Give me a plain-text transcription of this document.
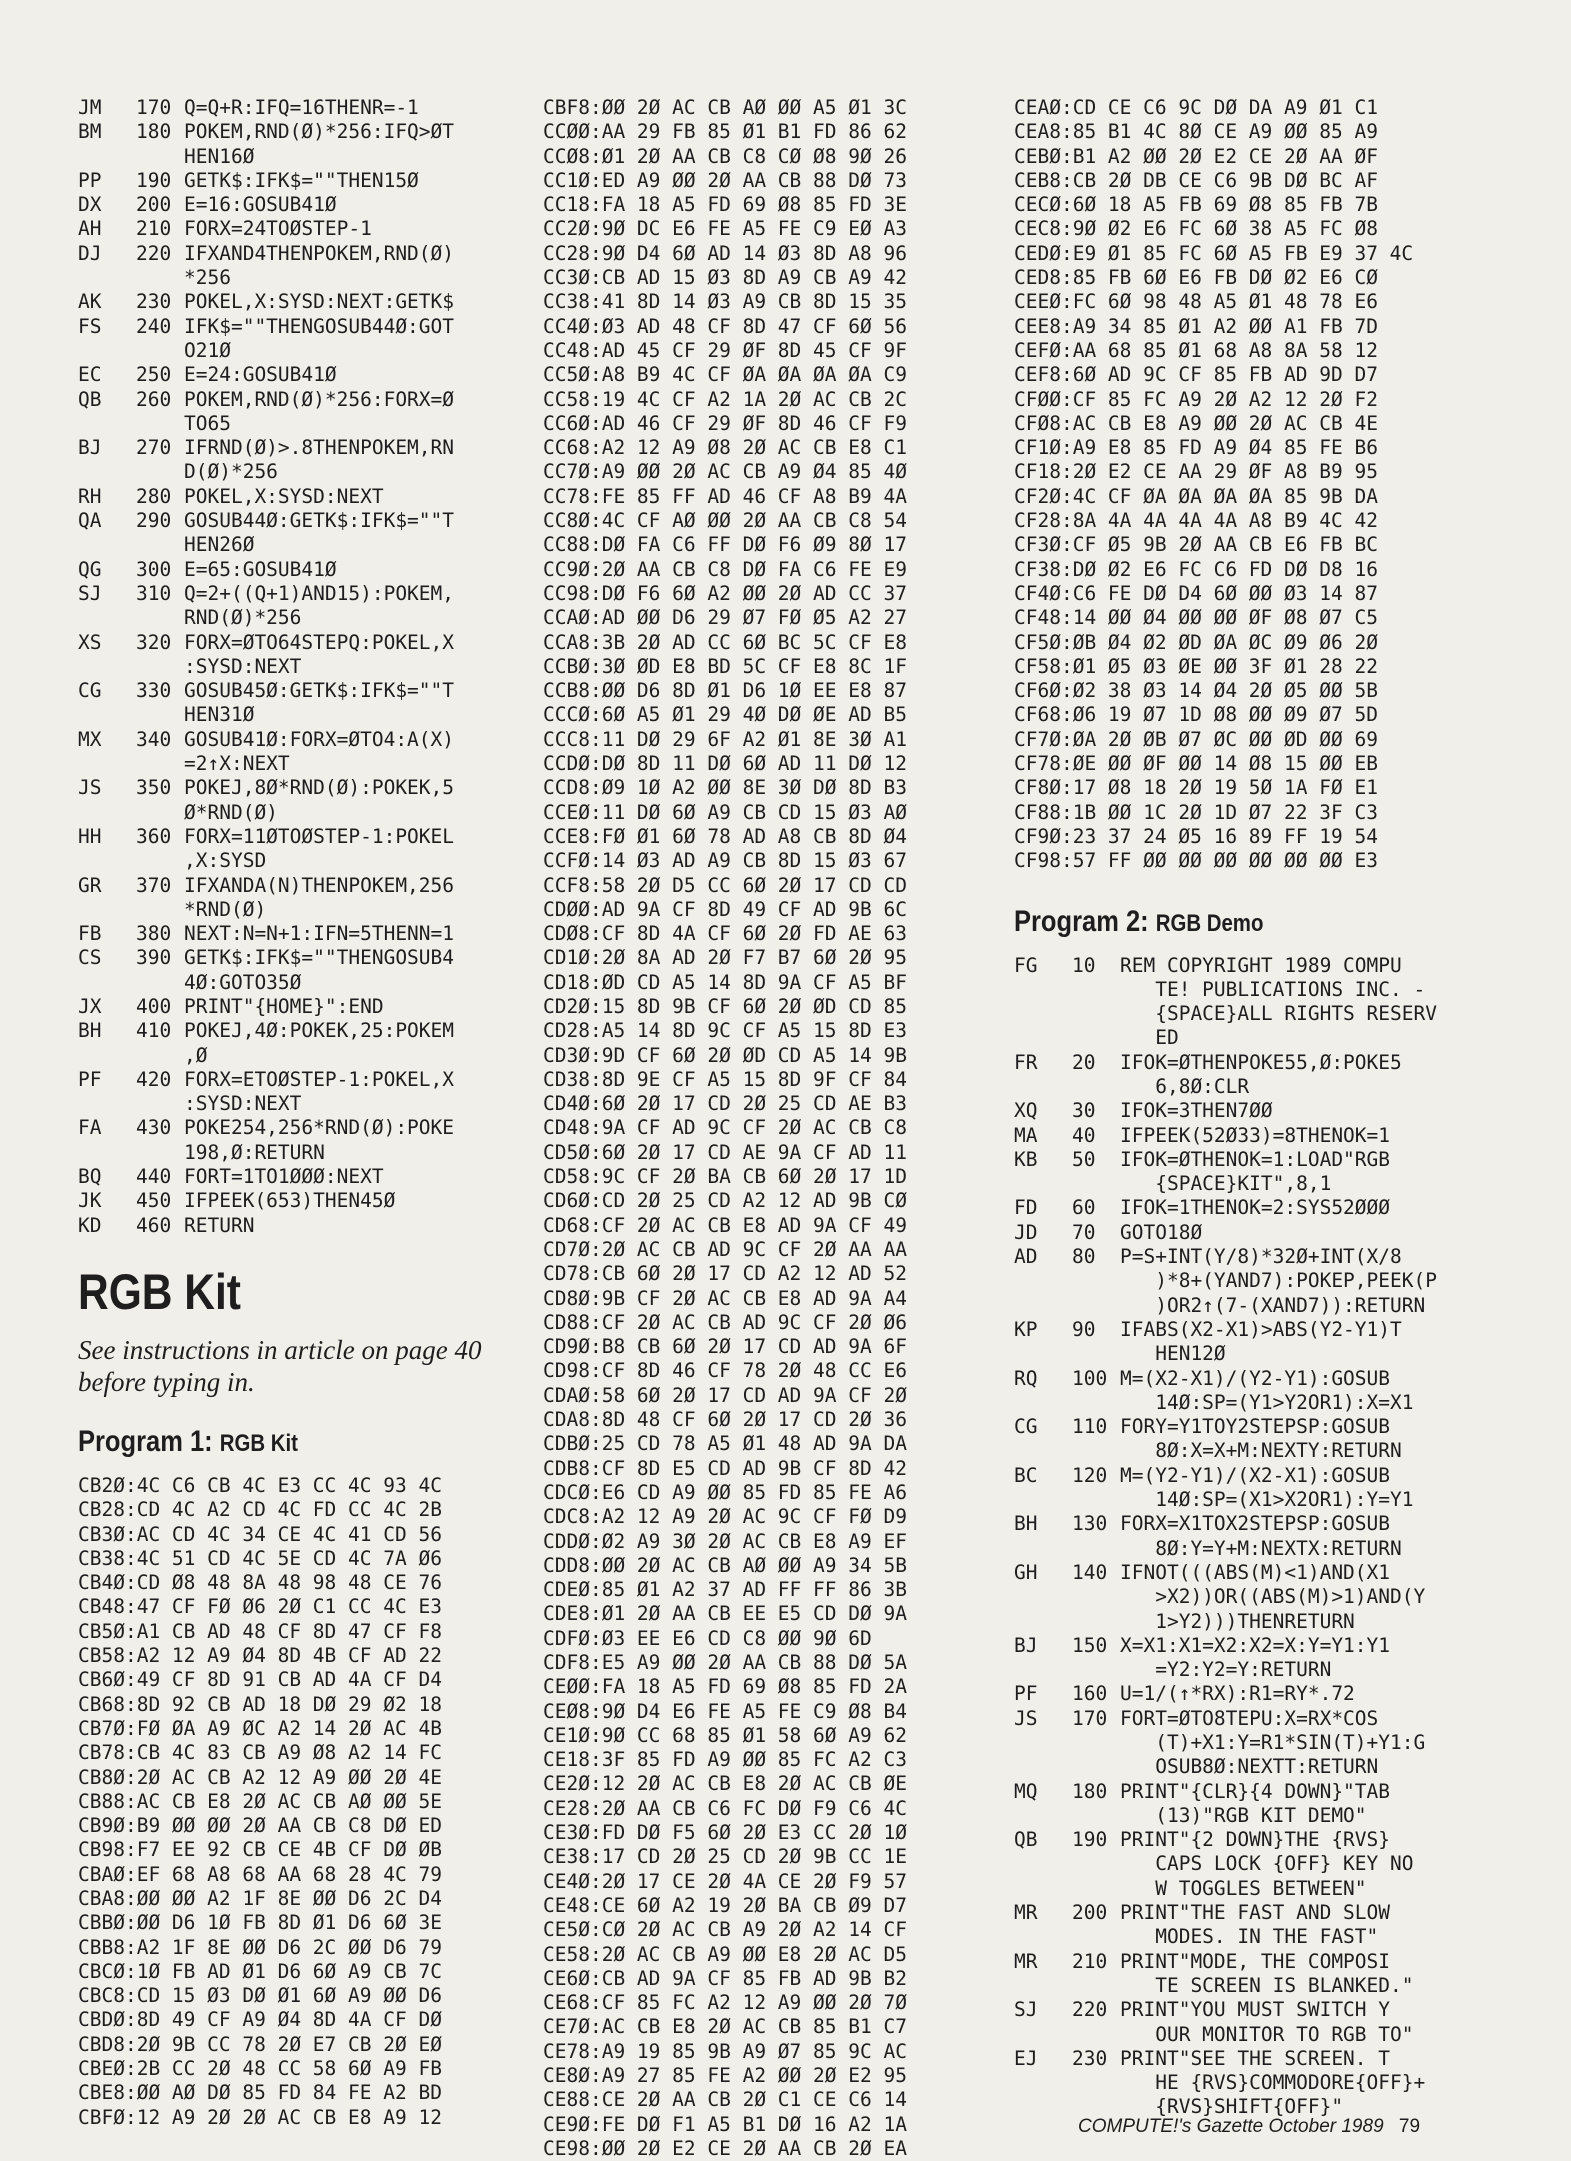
JM	170 Q=Q+R:IFQ=16THENR=-1
BM	180 POKEM,RND(Ø)*256:IFQ>ØT
HEN16Ø
PP	190 GETK$:IFK$=""THEN15Ø
DX	200 E=16:GOSUB41Ø
AH	210 FORX=24TOØSTEP-1
DJ	220 IFXAND4THENPOKEM,RND(Ø)
*256
AK	230 POKEL,X:SYSD:NEXT:GETK$
FS	240 IFK$=""THENGOSUB44Ø:GOT
O21Ø
EC	250 E=24:GOSUB41Ø
QB	260 POKEM,RND(Ø)*256:FORX=Ø
TO65
BJ	270 IFRND(Ø)>.8THENPOKEM,RN
D(Ø)*256
RH	280 POKEL,X:SYSD:NEXT
QA	290 GOSUB44Ø:GETK$:IFK$=""T
HEN26Ø
QG	300 E=65:GOSUB41Ø
SJ	310 Q=2+((Q+1)AND15):POKEM,
RND(Ø)*256
XS	320 FORX=ØTO64STEPQ:POKEL,X
:SYSD:NEXT
CG	330 GOSUB45Ø:GETK$:IFK$=""T
HEN31Ø
MX	340 GOSUB41Ø:FORX=ØTO4:A(X)
=2↑X:NEXT
JS	350 POKEJ,8Ø*RND(Ø):POKEK,5
Ø*RND(Ø)
HH	360 FORX=11ØTOØSTEP-1:POKEL
,X:SYSD
GR	370 IFXANDA(N)THENPOKEM,256
*RND(Ø)
FB	380 NEXT:N=N+1:IFN=5THENN=1
CS	390 GETK$:IFK$=""THENGOSUB4
4Ø:GOTO35Ø
JX	400 PRINT"{HOME}":END
BH	410 POKEJ,4Ø:POKEK,25:POKEM
,Ø
PF	420 FORX=ETOØSTEP-1:POKEL,X
:SYSD:NEXT
FA	430 POKE254,256*RND(Ø):POKE
198,Ø:RETURN
BQ	440 FORT=1TO1ØØØ:NEXT
JK	450 IFPEEK(653)THEN45Ø
KD	460 RETURN
RGB Kit
See instructions in article on page 40 before typing in.
Program 1: RGB Kit
CB2Ø:4C C6 CB 4C E3 CC 4C 93 4C
CB28:CD 4C A2 CD 4C FD CC 4C 2B
CB3Ø:AC CD 4C 34 CE 4C 41 CD 56
CB38:4C 51 CD 4C 5E CD 4C 7A Ø6
CB4Ø:CD Ø8 48 8A 48 98 48 CE 76
CB48:47 CF FØ Ø6 2Ø C1 CC 4C E3
CB5Ø:A1 CB AD 48 CF 8D 47 CF F8
CB58:A2 12 A9 Ø4 8D 4B CF AD 22
CB6Ø:49 CF 8D 91 CB AD 4A CF D4
CB68:8D 92 CB AD 18 DØ 29 Ø2 18
CB7Ø:FØ ØA A9 ØC A2 14 2Ø AC 4B
CB78:CB 4C 83 CB A9 Ø8 A2 14 FC
CB8Ø:2Ø AC CB A2 12 A9 ØØ 2Ø 4E
CB88:AC CB E8 2Ø AC CB AØ ØØ 5E
CB9Ø:B9 ØØ ØØ 2Ø AA CB C8 DØ ED
CB98:F7 EE 92 CB CE 4B CF DØ ØB
CBAØ:EF 68 A8 68 AA 68 28 4C 79
CBA8:ØØ ØØ A2 1F 8E ØØ D6 2C D4
CBBØ:ØØ D6 1Ø FB 8D Ø1 D6 6Ø 3E
CBB8:A2 1F 8E ØØ D6 2C ØØ D6 79
CBCØ:1Ø FB AD Ø1 D6 6Ø A9 CB 7C
CBC8:CD 15 Ø3 DØ Ø1 6Ø A9 ØØ D6
CBDØ:8D 49 CF A9 Ø4 8D 4A CF DØ
CBD8:2Ø 9B CC 78 2Ø E7 CB 2Ø EØ
CBEØ:2B CC 2Ø 48 CC 58 6Ø A9 FB
CBE8:ØØ AØ DØ 85 FD 84 FE A2 BD
CBFØ:12 A9 2Ø 2Ø AC CB E8 A9 12
CBF8:ØØ 2Ø AC CB AØ ØØ A5 Ø1 3C
CCØØ:AA 29 FB 85 Ø1 B1 FD 86 62
CCØ8:Ø1 2Ø AA CB C8 CØ Ø8 9Ø 26
CC1Ø:ED A9 ØØ 2Ø AA CB 88 DØ 73
CC18:FA 18 A5 FD 69 Ø8 85 FD 3E
CC2Ø:9Ø DC E6 FE A5 FE C9 EØ A3
CC28:9Ø D4 6Ø AD 14 Ø3 8D A8 96
CC3Ø:CB AD 15 Ø3 8D A9 CB A9 42
CC38:41 8D 14 Ø3 A9 CB 8D 15 35
CC4Ø:Ø3 AD 48 CF 8D 47 CF 6Ø 56
CC48:AD 45 CF 29 ØF 8D 45 CF 9F
CC5Ø:A8 B9 4C CF ØA ØA ØA ØA C9
CC58:19 4C CF A2 1A 2Ø AC CB 2C
CC6Ø:AD 46 CF 29 ØF 8D 46 CF F9
CC68:A2 12 A9 Ø8 2Ø AC CB E8 C1
CC7Ø:A9 ØØ 2Ø AC CB A9 Ø4 85 4Ø
CC78:FE 85 FF AD 46 CF A8 B9 4A
CC8Ø:4C CF AØ ØØ 2Ø AA CB C8 54
CC88:DØ FA C6 FF DØ F6 Ø9 8Ø 17
CC9Ø:2Ø AA CB C8 DØ FA C6 FE E9
CC98:DØ F6 6Ø A2 ØØ 2Ø AD CC 37
CCAØ:AD ØØ D6 29 Ø7 FØ Ø5 A2 27
CCA8:3B 2Ø AD CC 6Ø BC 5C CF E8
CCBØ:3Ø ØD E8 BD 5C CF E8 8C 1F
CCB8:ØØ D6 8D Ø1 D6 1Ø EE E8 87
CCCØ:6Ø A5 Ø1 29 4Ø DØ ØE AD B5
CCC8:11 DØ 29 6F A2 Ø1 8E 3Ø A1
CCDØ:DØ 8D 11 DØ 6Ø AD 11 DØ 12
CCD8:Ø9 1Ø A2 ØØ 8E 3Ø DØ 8D B3
CCEØ:11 DØ 6Ø A9 CB CD 15 Ø3 AØ
CCE8:FØ Ø1 6Ø 78 AD A8 CB 8D Ø4
CCFØ:14 Ø3 AD A9 CB 8D 15 Ø3 67
CCF8:58 2Ø D5 CC 6Ø 2Ø 17 CD CD
CDØØ:AD 9A CF 8D 49 CF AD 9B 6C
CDØ8:CF 8D 4A CF 6Ø 2Ø FD AE 63
CD1Ø:2Ø 8A AD 2Ø F7 B7 6Ø 2Ø 95
CD18:ØD CD A5 14 8D 9A CF A5 BF
CD2Ø:15 8D 9B CF 6Ø 2Ø ØD CD 85
CD28:A5 14 8D 9C CF A5 15 8D E3
CD3Ø:9D CF 6Ø 2Ø ØD CD A5 14 9B
CD38:8D 9E CF A5 15 8D 9F CF 84
CD4Ø:6Ø 2Ø 17 CD 2Ø 25 CD AE B3
CD48:9A CF AD 9C CF 2Ø AC CB C8
CD5Ø:6Ø 2Ø 17 CD AE 9A CF AD 11
CD58:9C CF 2Ø BA CB 6Ø 2Ø 17 1D
CD6Ø:CD 2Ø 25 CD A2 12 AD 9B CØ
CD68:CF 2Ø AC CB E8 AD 9A CF 49
CD7Ø:2Ø AC CB AD 9C CF 2Ø AA AA
CD78:CB 6Ø 2Ø 17 CD A2 12 AD 52
CD8Ø:9B CF 2Ø AC CB E8 AD 9A A4
CD88:CF 2Ø AC CB AD 9C CF 2Ø Ø6
CD9Ø:B8 CB 6Ø 2Ø 17 CD AD 9A 6F
CD98:CF 8D 46 CF 78 2Ø 48 CC E6
CDAØ:58 6Ø 2Ø 17 CD AD 9A CF 2Ø
CDA8:8D 48 CF 6Ø 2Ø 17 CD 2Ø 36
CDBØ:25 CD 78 A5 Ø1 48 AD 9A DA
CDB8:CF 8D E5 CD AD 9B CF 8D 42
CDCØ:E6 CD A9 ØØ 85 FD 85 FE A6
CDC8:A2 12 A9 2Ø AC 9C CF FØ D9
CDDØ:Ø2 A9 3Ø 2Ø AC CB E8 A9 EF
CDD8:ØØ 2Ø AC CB AØ ØØ A9 34 5B
CDEØ:85 Ø1 A2 37 AD FF FF 86 3B
CDE8:Ø1 2Ø AA CB EE E5 CD DØ 9A
CDFØ:Ø3 EE E6 CD C8 ØØ 9Ø 6D
CDF8:E5 A9 ØØ 2Ø AA CB 88 DØ 5A
CEØØ:FA 18 A5 FD 69 Ø8 85 FD 2A
CEØ8:9Ø D4 E6 FE A5 FE C9 Ø8 B4
CE1Ø:9Ø CC 68 85 Ø1 58 6Ø A9 62
CE18:3F 85 FD A9 ØØ 85 FC A2 C3
CE2Ø:12 2Ø AC CB E8 2Ø AC CB ØE
CE28:2Ø AA CB C6 FC DØ F9 C6 4C
CE3Ø:FD DØ F5 6Ø 2Ø E3 CC 2Ø 1Ø
CE38:17 CD 2Ø 25 CD 2Ø 9B CC 1E
CE4Ø:2Ø 17 CE 2Ø 4A CE 2Ø F9 57
CE48:CE 6Ø A2 19 2Ø BA CB Ø9 D7
CE5Ø:CØ 2Ø AC CB A9 2Ø A2 14 CF
CE58:2Ø AC CB A9 ØØ E8 2Ø AC D5
CE6Ø:CB AD 9A CF 85 FB AD 9B B2
CE68:CF 85 FC A2 12 A9 ØØ 2Ø 7Ø
CE7Ø:AC CB E8 2Ø AC CB 85 B1 C7
CE78:A9 19 85 9B A9 Ø7 85 9C AC
CE8Ø:A9 27 85 FE A2 ØØ 2Ø E2 95
CE88:CE 2Ø AA CB 2Ø C1 CE C6 14
CE9Ø:FE DØ F1 A5 B1 DØ 16 A2 1A
CE98:ØØ 2Ø E2 CE 2Ø AA CB 2Ø EA
CEAØ:CD CE C6 9C DØ DA A9 Ø1 C1
CEA8:85 B1 4C 8Ø CE A9 ØØ 85 A9
CEBØ:B1 A2 ØØ 2Ø E2 CE 2Ø AA ØF
CEB8:CB 2Ø DB CE C6 9B DØ BC AF
CECØ:6Ø 18 A5 FB 69 Ø8 85 FB 7B
CEC8:9Ø Ø2 E6 FC 6Ø 38 A5 FC Ø8
CEDØ:E9 Ø1 85 FC 6Ø A5 FB E9 37 4C
CED8:85 FB 6Ø E6 FB DØ Ø2 E6 CØ
CEEØ:FC 6Ø 98 48 A5 Ø1 48 78 E6
CEE8:A9 34 85 Ø1 A2 ØØ A1 FB 7D
CEFØ:AA 68 85 Ø1 68 A8 8A 58 12
CEF8:6Ø AD 9C CF 85 FB AD 9D D7
CFØØ:CF 85 FC A9 2Ø A2 12 2Ø F2
CFØ8:AC CB E8 A9 ØØ 2Ø AC CB 4E
CF1Ø:A9 E8 85 FD A9 Ø4 85 FE B6
CF18:2Ø E2 CE AA 29 ØF A8 B9 95
CF2Ø:4C CF ØA ØA ØA ØA 85 9B DA
CF28:8A 4A 4A 4A 4A A8 B9 4C 42
CF3Ø:CF Ø5 9B 2Ø AA CB E6 FB BC
CF38:DØ Ø2 E6 FC C6 FD DØ D8 16
CF4Ø:C6 FE DØ D4 6Ø ØØ Ø3 14 87
CF48:14 ØØ Ø4 ØØ ØØ ØF Ø8 Ø7 C5
CF5Ø:ØB Ø4 Ø2 ØD ØA ØC Ø9 Ø6 2Ø
CF58:Ø1 Ø5 Ø3 ØE ØØ 3F Ø1 28 22
CF6Ø:Ø2 38 Ø3 14 Ø4 2Ø Ø5 ØØ 5B
CF68:Ø6 19 Ø7 1D Ø8 ØØ Ø9 Ø7 5D
CF7Ø:ØA 2Ø ØB Ø7 ØC ØØ ØD ØØ 69
CF78:ØE ØØ ØF ØØ 14 Ø8 15 ØØ EB
CF8Ø:17 Ø8 18 2Ø 19 5Ø 1A FØ E1
CF88:1B ØØ 1C 2Ø 1D Ø7 22 3F C3
CF9Ø:23 37 24 Ø5 16 89 FF 19 54
CF98:57 FF ØØ ØØ ØØ ØØ ØØ ØØ E3
Program 2: RGB Demo
FG	10	REM COPYRIGHT 1989 COMPU
TE! PUBLICATIONS INC. -
{SPACE}ALL RIGHTS RESERV
ED
FR	20	IFOK=ØTHENPOKE55,Ø:POKE5
6,8Ø:CLR
XQ	30	IFOK=3THEN7ØØ
MA	40	IFPEEK(52Ø33)=8THENOK=1
KB	50	IFOK=ØTHENOK=1:LOAD"RGB
{SPACE}KIT",8,1
FD	60	IFOK=1THENOK=2:SYS52ØØØ
JD	70	GOTO18Ø
AD	80	P=S+INT(Y/8)*32Ø+INT(X/8
)*8+(YAND7):POKEP,PEEK(P
)OR2↑(7-(XAND7)):RETURN
KP	90	IFABS(X2-X1)>ABS(Y2-Y1)T
HEN12Ø
RQ	100 M=(X2-X1)/(Y2-Y1):GOSUB
14Ø:SP=(Y1>Y2OR1):X=X1
CG	110 FORY=Y1TOY2STEPSP:GOSUB
8Ø:X=X+M:NEXTY:RETURN
BC	120 M=(Y2-Y1)/(X2-X1):GOSUB
14Ø:SP=(X1>X2OR1):Y=Y1
BH	130 FORX=X1TOX2STEPSP:GOSUB
8Ø:Y=Y+M:NEXTX:RETURN
GH	140 IFNOT(((ABS(M)<1)AND(X1
>X2))OR((ABS(M)>1)AND(Y
1>Y2)))THENRETURN
BJ	150 X=X1:X1=X2:X2=X:Y=Y1:Y1
=Y2:Y2=Y:RETURN
PF	160 U=1/(↑*RX):R1=RY*.72
JS	170 FORT=ØTO8TEPU:X=RX*COS
(T)+X1:Y=R1*SIN(T)+Y1:G
OSUB8Ø:NEXTT:RETURN
MQ	180 PRINT"{CLR}{4 DOWN}"TAB
(13)"RGB KIT DEMO"
QB	190 PRINT"{2 DOWN}THE {RVS}
CAPS LOCK {OFF} KEY NO
W TOGGLES BETWEEN"
MR	200 PRINT"THE FAST AND SLOW
MODES. IN THE FAST"
MR	210 PRINT"MODE, THE COMPOSI
TE SCREEN IS BLANKED."
SJ	220 PRINT"YOU MUST SWITCH Y
OUR MONITOR TO RGB TO"
EJ	230 PRINT"SEE THE SCREEN. T
HE {RVS}COMMODORE{OFF}+
{RVS}SHIFT{OFF}"
COMPUTE!'s Gazette October 1989 79
